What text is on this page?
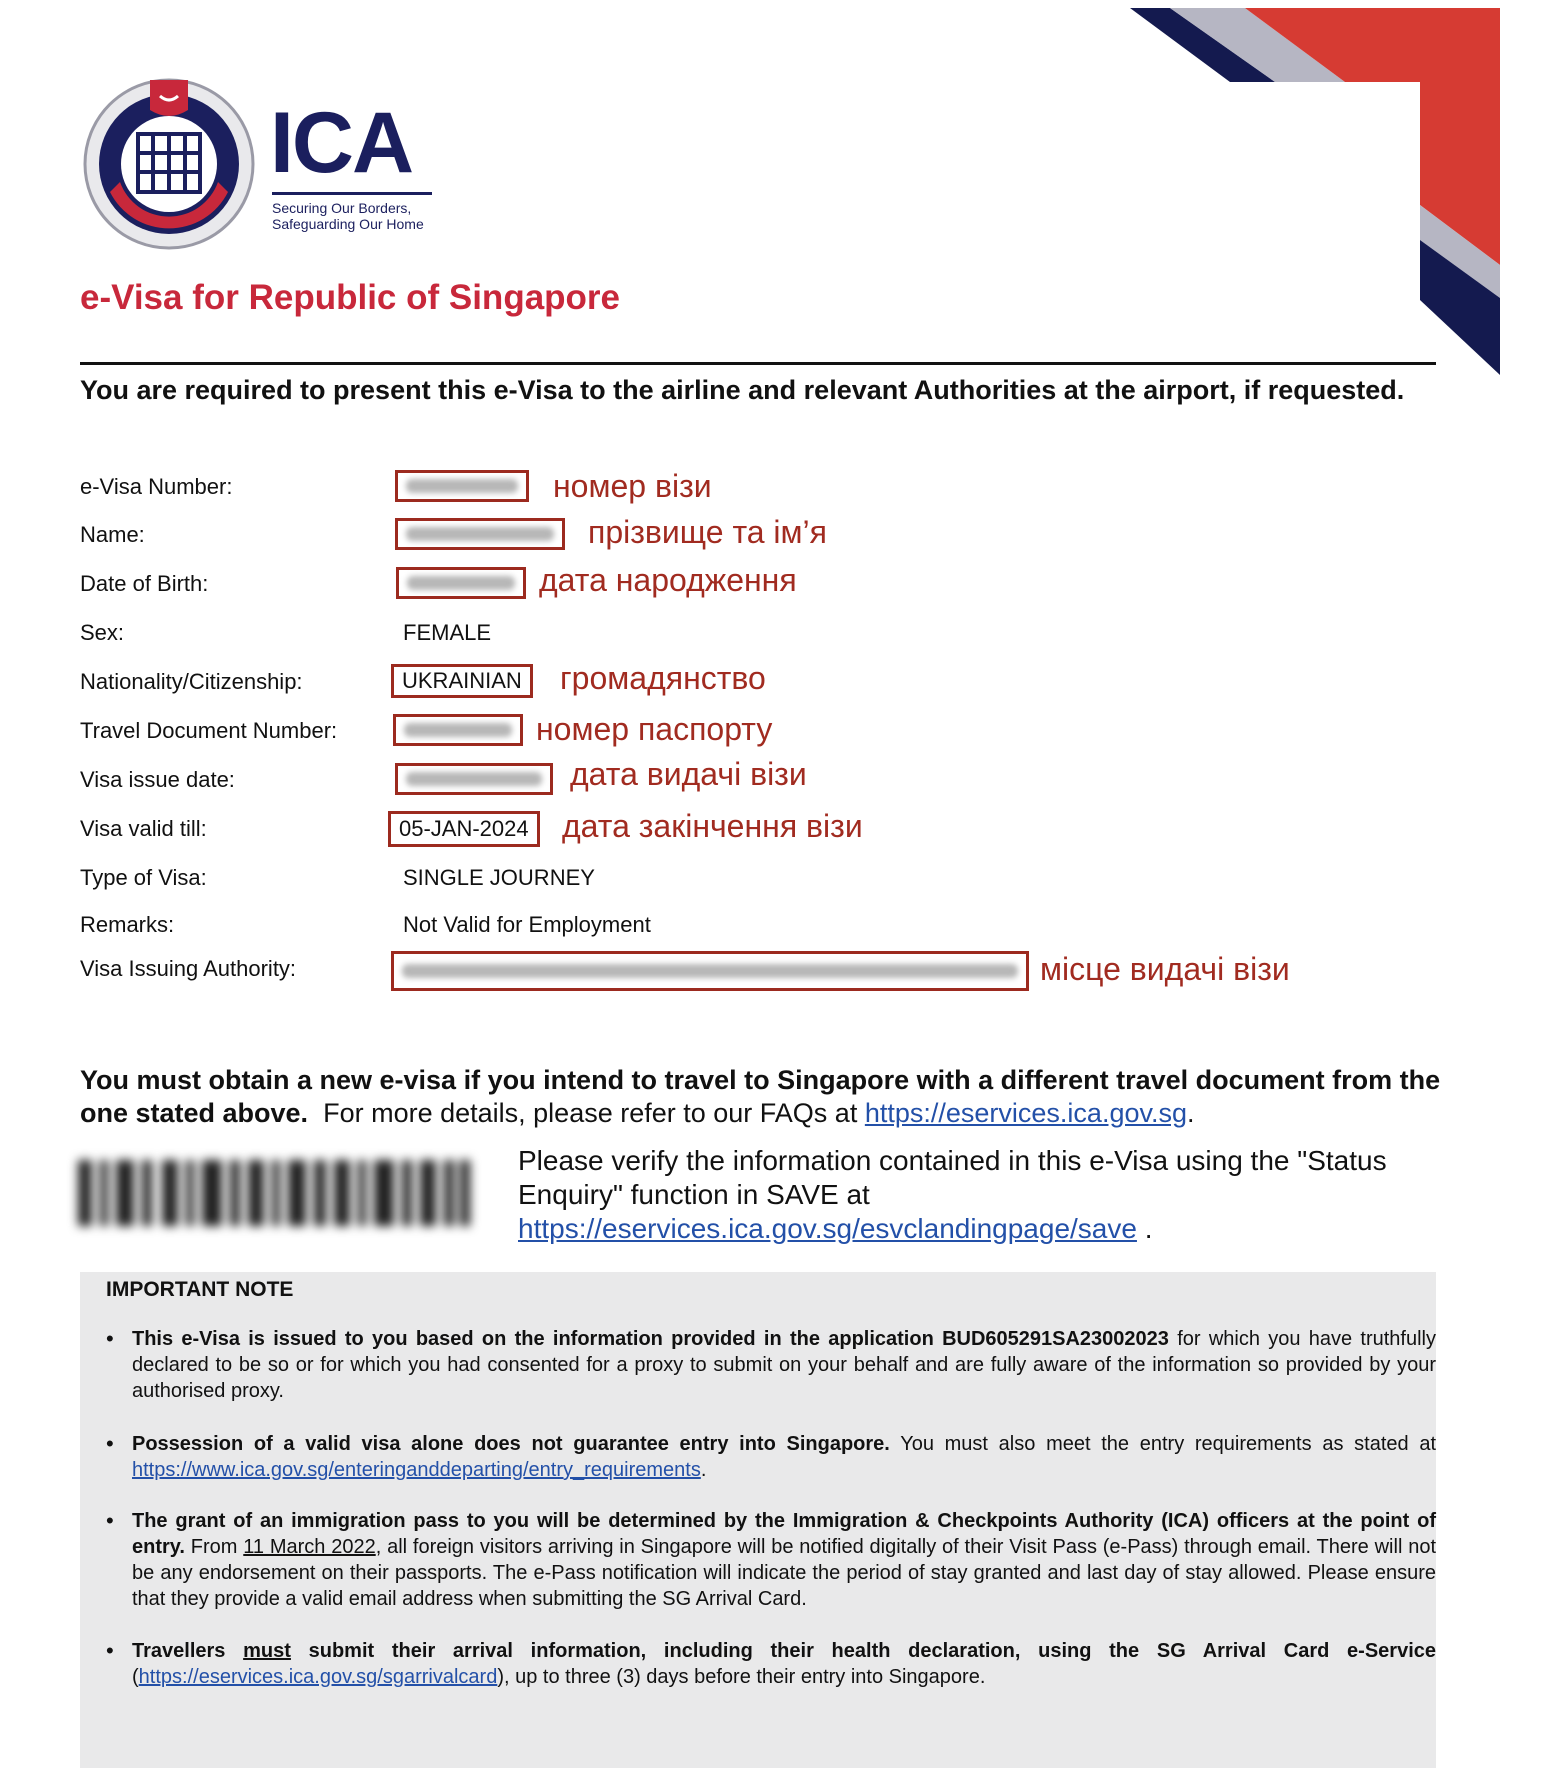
ICA
Securing Our Borders,
Safeguarding Our Home
e-Visa for Republic of Singapore
You are required to present this e-Visa to the airline and relevant Authorities at the airport, if requested.
e-Visa Number:	номер візи
Name:	прізвище та ім’я
Date of Birth:	дата народження
Sex:	FEMALE
Nationality/Citizenship:	UKRAINIAN	громадянство
Travel Document Number:	номер паспорту
Visa issue date:	дата видачі візи
Visa valid till:	05-JAN-2024	дата закінчення візи
Type of Visa:	SINGLE JOURNEY
Remarks:	Not Valid for Employment
Visa Issuing Authority:	місце видачі візи
You must obtain a new e-visa if you intend to travel to Singapore with a different travel document from the one stated above. For more details, please refer to our FAQs at https://eservices.ica.gov.sg.
Please verify the information contained in this e-Visa using the "Status Enquiry" function in SAVE at
https://eservices.ica.gov.sg/esvclandingpage/save .
IMPORTANT NOTE
• This e-Visa is issued to you based on the information provided in the application BUD605291SA23002023 for which you have truthfully declared to be so or for which you had consented for a proxy to submit on your behalf and are fully aware of the information so provided by your authorised proxy.
• Possession of a valid visa alone does not guarantee entry into Singapore. You must also meet the entry requirements as stated at https://www.ica.gov.sg/enteringanddeparting/entry_requirements.
• The grant of an immigration pass to you will be determined by the Immigration & Checkpoints Authority (ICA) officers at the point of entry. From 11 March 2022, all foreign visitors arriving in Singapore will be notified digitally of their Visit Pass (e-Pass) through email. There will not be any endorsement on their passports. The e-Pass notification will indicate the period of stay granted and last day of stay allowed. Please ensure that they provide a valid email address when submitting the SG Arrival Card.
• Travellers must submit their arrival information, including their health declaration, using the SG Arrival Card e-Service (https://eservices.ica.gov.sg/sgarrivalcard), up to three (3) days before their entry into Singapore.
